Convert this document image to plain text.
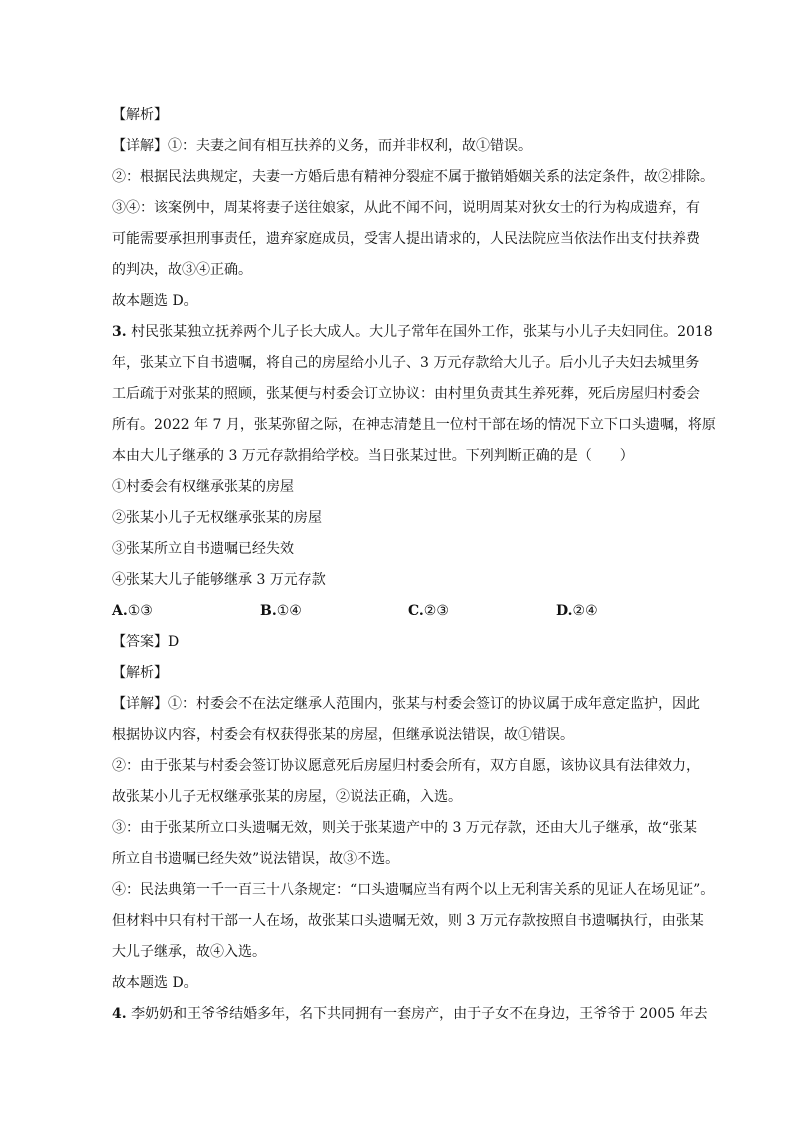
【解析】
【详解】①：夫妻之间有相互扶养的义务，而并非权利，故①错误。
②：根据民法典规定，夫妻一方婚后患有精神分裂症不属于撤销婚姻关系的法定条件，故②排除。
③④：该案例中，周某将妻子送往娘家，从此不闻不问，说明周某对狄女士的行为构成遗弃，有
可能需要承担刑事责任，遗弃家庭成员，受害人提出请求的，人民法院应当依法作出支付扶养费
的判决，故③④正确。
故本题选 D。
3. 村民张某独立抚养两个儿子长大成人。大儿子常年在国外工作，张某与小儿子夫妇同住。2018
年，张某立下自书遗嘱，将自己的房屋给小儿子、3 万元存款给大儿子。后小儿子夫妇去城里务
工后疏于对张某的照顾，张某便与村委会订立协议：由村里负责其生养死葬，死后房屋归村委会
所有。2022 年 7 月，张某弥留之际，在神志清楚且一位村干部在场的情况下立下口头遗嘱，将原
本由大儿子继承的 3 万元存款捐给学校。当日张某过世。下列判断正确的是（　　）
①村委会有权继承张某的房屋
②张某小儿子无权继承张某的房屋
③张某所立自书遗嘱已经失效
④张某大儿子能够继承 3 万元存款
A.①③	B.①④	C.②③	D.②④
【答案】D
【解析】
【详解】①：村委会不在法定继承人范围内，张某与村委会签订的协议属于成年意定监护，因此
根据协议内容，村委会有权获得张某的房屋，但继承说法错误，故①错误。
②：由于张某与村委会签订协议愿意死后房屋归村委会所有，双方自愿，该协议具有法律效力，
故张某小儿子无权继承张某的房屋，②说法正确，入选。
③：由于张某所立口头遗嘱无效，则关于张某遗产中的 3 万元存款，还由大儿子继承，故“张某
所立自书遗嘱已经失效”说法错误，故③不选。
④：民法典第一千一百三十八条规定：“口头遗嘱应当有两个以上无利害关系的见证人在场见证”。
但材料中只有村干部一人在场，故张某口头遗嘱无效，则 3 万元存款按照自书遗嘱执行，由张某
大儿子继承，故④入选。
故本题选 D。
4. 李奶奶和王爷爷结婚多年，名下共同拥有一套房产，由于子女不在身边，王爷爷于 2005 年去
